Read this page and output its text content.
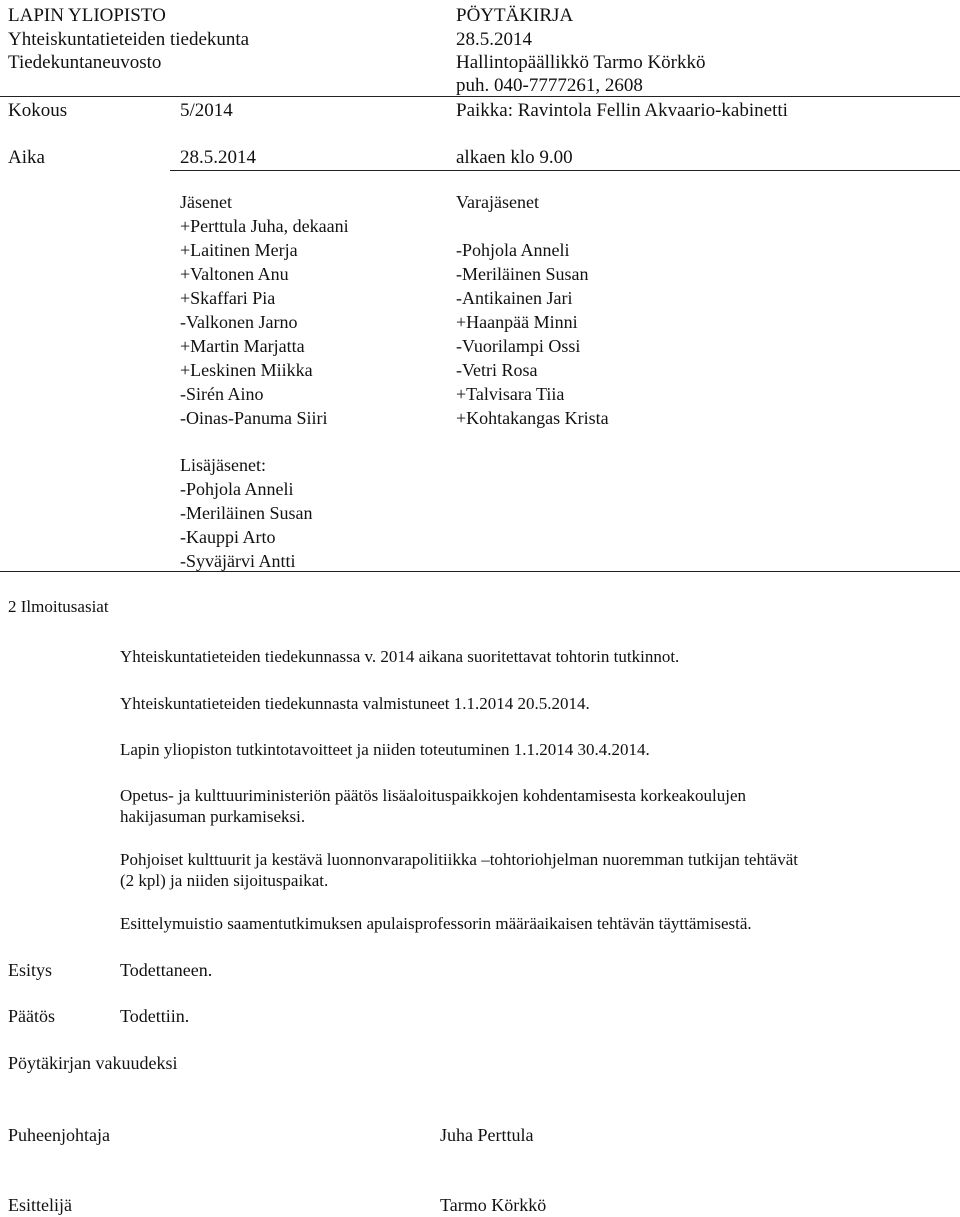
LAPIN YLIOPISTO
Yhteiskuntatieteiden tiedekunta
Tiedekuntaneuvosto
PÖYTÄKIRJA
28.5.2014
Hallintopäällikkö Tarmo Körkkö
puh. 040-7777261, 2608
Kokous	5/2014	Paikka: Ravintola Fellin Akvaario-kabinetti
Aika	28.5.2014	alkaen klo 9.00
Jäsenet
+Perttula Juha, dekaani
+Laitinen Merja
+Valtonen Anu
+Skaffari Pia
-Valkonen Jarno
+Martin Marjatta
+Leskinen Miikka
-Sirén Aino
-Oinas-Panuma Siiri
Varajäsenet
-Pohjola Anneli
-Meriläinen Susan
-Antikainen Jari
+Haanpää Minni
-Vuorilampi Ossi
-Vetri Rosa
+Talvisara Tiia
+Kohtakangas Krista
Lisäjäsenet:
-Pohjola Anneli
-Meriläinen Susan
-Kauppi Arto
-Syväjärvi Antti
2 Ilmoitusasiat
Yhteiskuntatieteiden tiedekunnassa v. 2014 aikana suoritettavat tohtorin tutkinnot.
Yhteiskuntatieteiden tiedekunnasta valmistuneet 1.1.2014 20.5.2014.
Lapin yliopiston tutkintotavoitteet ja niiden toteutuminen 1.1.2014 30.4.2014.
Opetus- ja kulttuuriministeriön päätös lisäaloituspaikkojen kohdentamisesta korkeakoulujen
hakijasuman purkamiseksi.
Pohjoiset kulttuurit ja kestävä luonnonvarapolitiikka –tohtoriohjelman nuoremman tutkijan tehtävät
(2 kpl) ja niiden sijoituspaikat.
Esittelymuistio saamentutkimuksen apulaisprofessorin määräaikaisen tehtävän täyttämisestä.
Esitys	Todettaneen.
Päätös	Todettiin.
Pöytäkirjan vakuudeksi
Puheenjohtaja	Juha Perttula
Esittelijä	Tarmo Körkkö
